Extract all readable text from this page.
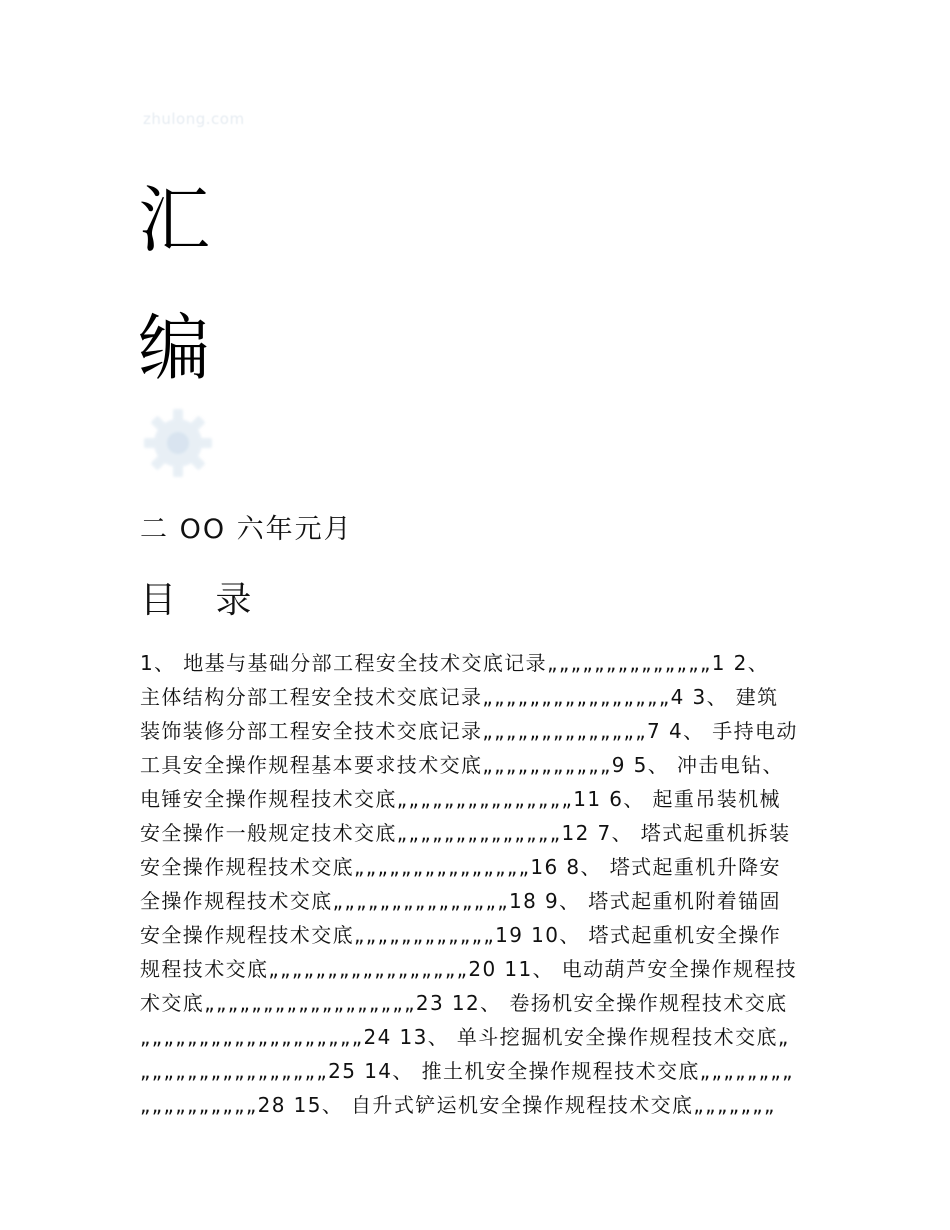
zhulong.com
汇
编
二 OO 六年元月
目 录
1、 地基与基础分部工程安全技术交底记录„„„„„„„„„„„„„„1 2、
主体结构分部工程安全技术交底记录„„„„„„„„„„„„„„„„4 3、 建筑
装饰装修分部工程安全技术交底记录„„„„„„„„„„„„„„7 4、 手持电动
工具安全操作规程基本要求技术交底„„„„„„„„„„„9 5、 冲击电钻、
电锤安全操作规程技术交底„„„„„„„„„„„„„„„11 6、 起重吊装机械
安全操作一般规定技术交底„„„„„„„„„„„„„„12 7、 塔式起重机拆装
安全操作规程技术交底„„„„„„„„„„„„„„„16 8、 塔式起重机升降安
全操作规程技术交底„„„„„„„„„„„„„„„18 9、 塔式起重机附着锚固
安全操作规程技术交底„„„„„„„„„„„„19 10、 塔式起重机安全操作
规程技术交底„„„„„„„„„„„„„„„„„20 11、 电动葫芦安全操作规程技
术交底„„„„„„„„„„„„„„„„„„23 12、 卷扬机安全操作规程技术交底
„„„„„„„„„„„„„„„„„„„24 13、 单斗挖掘机安全操作规程技术交底„
„„„„„„„„„„„„„„„„25 14、 推土机安全操作规程技术交底„„„„„„„„
„„„„„„„„„„28 15、 自升式铲运机安全操作规程技术交底„„„„„„„
